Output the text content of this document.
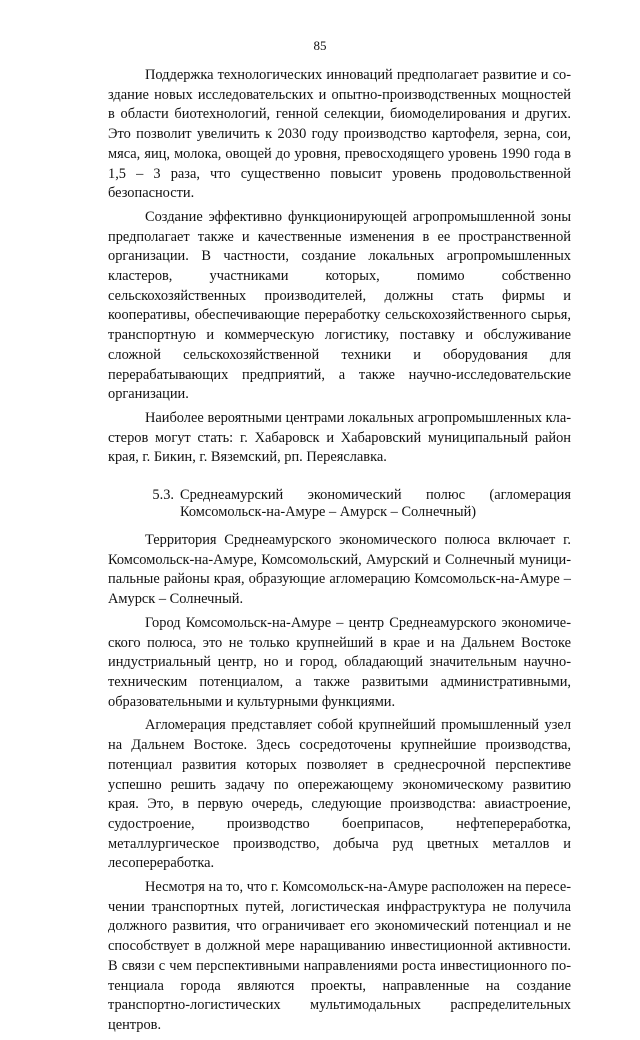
85

Поддержка технологических инноваций предполагает развитие и создание новых исследовательских и опытно-производственных мощностей в области биотехнологий, генной селекции, биомоделирования и других. Это позволит увеличить к 2030 году производство картофеля, зерна, сои, мяса, яиц, молока, овощей до уровня, превосходящего уровень 1990 года в 1,5 – 3 раза, что существенно повысит уровень продовольственной безопасности.

Создание эффективно функционирующей агропромышленной зоны предполагает также и качественные изменения в ее пространственной организации. В частности, создание локальных агропромышленных кластеров, участниками которых, помимо собственно сельскохозяйственных производителей, должны стать фирмы и кооперативы, обеспечивающие переработку сельскохозяйственного сырья, транспортную и коммерческую логистику, поставку и обслуживание сложной сельскохозяйственной техники и оборудования для перерабатывающих предприятий, а также научно-исследовательские организации.

Наиболее вероятными центрами локальных агропромышленных кластеров могут стать: г. Хабаровск и Хабаровский муниципальный район края, г. Бикин, г. Вяземский, рп. Переяславка.

5.3. Среднеамурский экономический полюс (агломерация Комсомольск-на-Амуре – Амурск – Солнечный)

Территория Среднеамурского экономического полюса включает г. Комсомольск-на-Амуре, Комсомольский, Амурский и Солнечный муниципальные районы края, образующие агломерацию Комсомольск-на-Амуре – Амурск – Солнечный.

Город Комсомольск-на-Амуре – центр Среднеамурского экономического полюса, это не только крупнейший в крае и на Дальнем Востоке индустриальный центр, но и город, обладающий значительным научно-техническим потенциалом, а также развитыми административными, образовательными и культурными функциями.

Агломерация представляет собой крупнейший промышленный узел на Дальнем Востоке. Здесь сосредоточены крупнейшие производства, потенциал развития которых позволяет в среднесрочной перспективе успешно решить задачу по опережающему экономическому развитию края. Это, в первую очередь, следующие производства: авиастроение, судостроение, производство боеприпасов, нефтепереработка, металлургическое производство, добыча руд цветных металлов и лесопереработка.

Несмотря на то, что г. Комсомольск-на-Амуре расположен на пересечении транспортных путей, логистическая инфраструктура не получила должного развития, что ограничивает его экономический потенциал и не способствует в должной мере наращиванию инвестиционной активности. В связи с чем перспективными направлениями роста инвестиционного потенциала города являются проекты, направленные на создание транспортно-логистических мультимодальных распределительных центров.
